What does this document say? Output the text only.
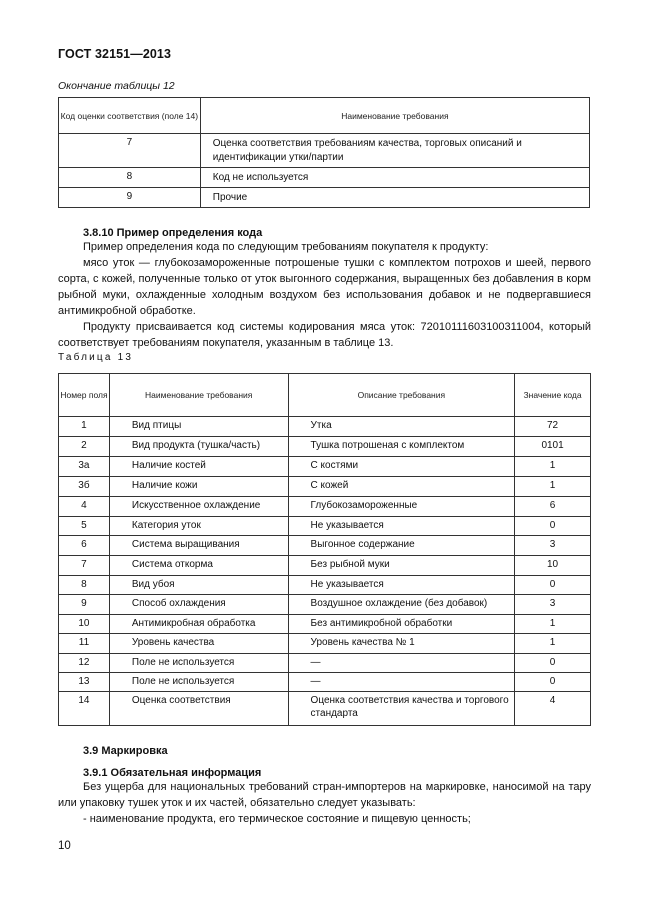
ГОСТ 32151—2013
Окончание таблицы 12
Код оценки соответствия (поле 14)	Наименование требования
7	Оценка соответствия требованиям качества, торговых описаний и идентификации утки/партии
8	Код не используется
9	Прочие
3.8.10 Пример определения кода

Пример определения кода по следующим требованиям покупателя к продукту:

мясо уток — глубокозамороженные потрошеные тушки с комплектом потрохов и шеей, первого сорта, с кожей, полученные только от уток выгонного содержания, выращенных без добавления в корм рыбной муки, охлажденные холодным воздухом без использования добавок и не подвергавшиеся антимикробной обработке.

Продукту присваивается код системы кодирования мяса уток: 72010111603100311004, который соответствует требованиям покупателя, указанным в таблице 13.

Таблица 13
Номер поля	Наименование требования	Описание требования	Значение кода
1	Вид птицы	Утка	72
2	Вид продукта (тушка/часть)	Тушка потрошеная с комплектом	0101
3а	Наличие костей	С костями	1
3б	Наличие кожи	С кожей	1
4	Искусственное охлаждение	Глубокозамороженные	6
5	Категория уток	Не указывается	0
6	Система выращивания	Выгонное содержание	3
7	Система откорма	Без рыбной муки	10
8	Вид убоя	Не указывается	0
9	Способ охлаждения	Воздушное охлаждение (без добавок)	3
10	Антимикробная обработка	Без антимикробной обработки	1
11	Уровень качества	Уровень качества № 1	1
12	Поле не используется	—	0
13	Поле не используется	—	0
14	Оценка соответствия	Оценка соответствия качества и торгового стандарта	4
3.9 Маркировка
3.9.1 Обязательная информация

Без ущерба для национальных требований стран-импортеров на маркировке, наносимой на тару или упаковку тушек уток и их частей, обязательно следует указывать:

- наименование продукта, его термическое состояние и пищевую ценность;

10
